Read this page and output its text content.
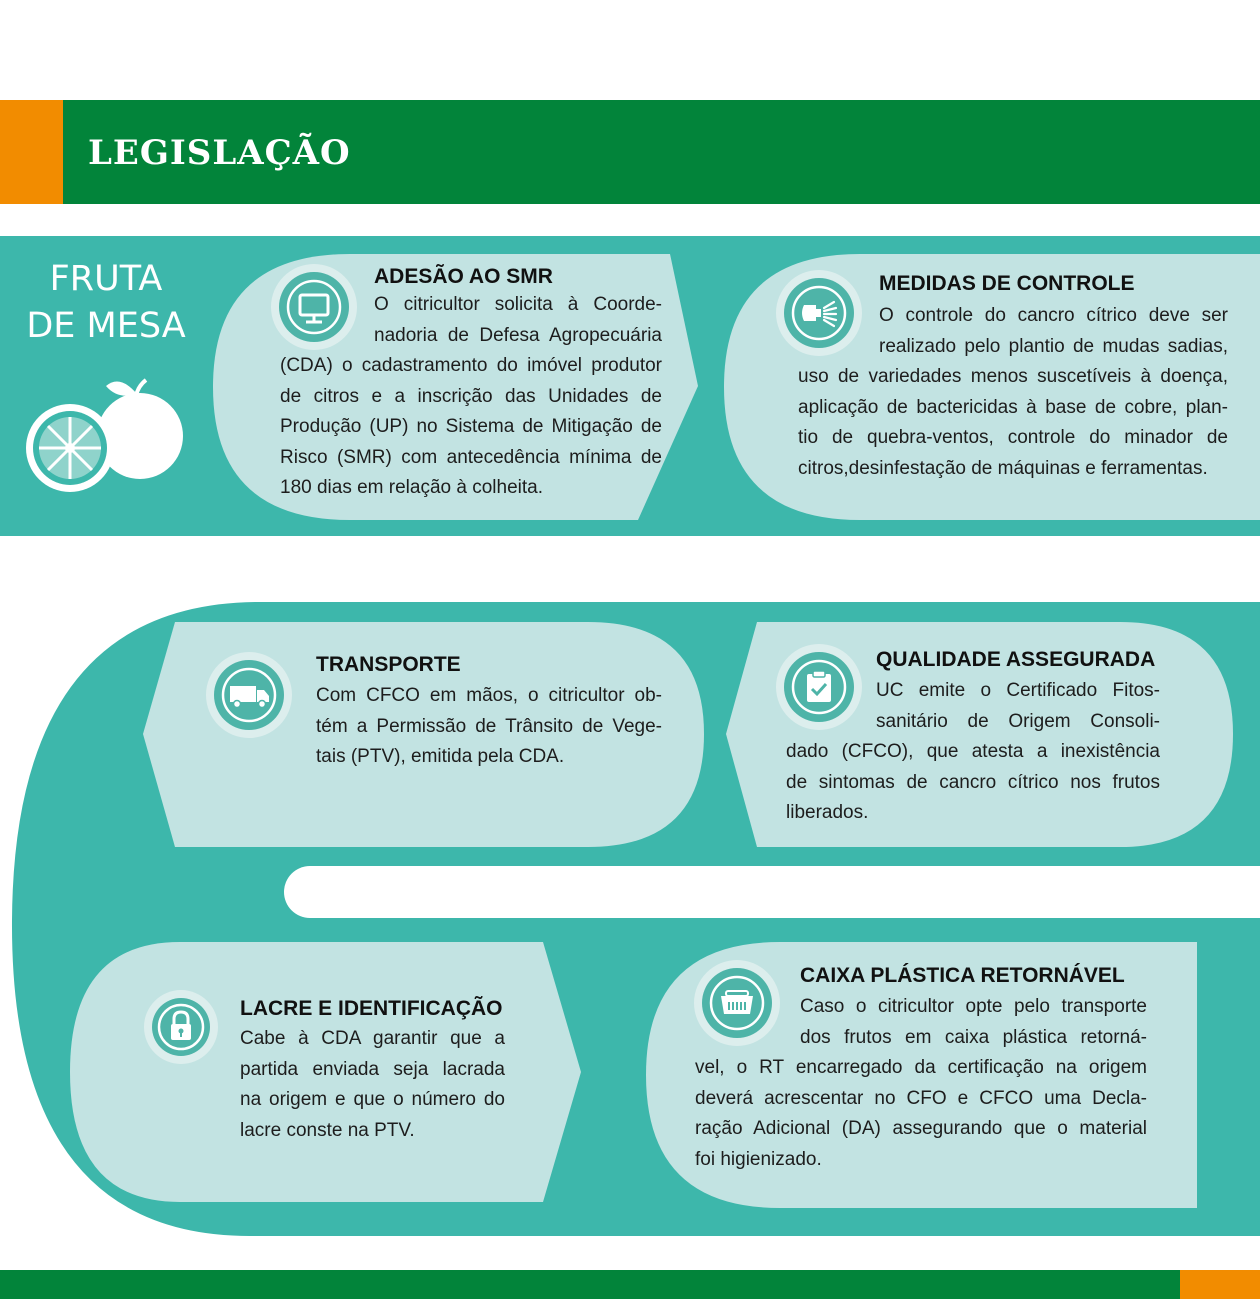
LEGISLAÇÃO
FRUTA
DE MESA
ADESÃO AO SMR
O citricultor solicita à Coorde-
nadoria de Defesa Agropecuária
(CDA) o cadastramento do imóvel produtor
de citros e a inscrição das Unidades de
Produção (UP) no Sistema de Mitigação de
Risco (SMR) com antecedência mínima de
180 dias em relação à colheita.
MEDIDAS DE CONTROLE
O controle do cancro cítrico deve ser
realizado pelo plantio de mudas sadias,
uso de variedades menos suscetíveis à doença,
aplicação de bactericidas à base de cobre, plan-
tio de quebra-ventos, controle do minador de
citros,desinfestação de máquinas e ferramentas.
TRANSPORTE
Com CFCO em mãos, o citricultor ob-
tém a Permissão de Trânsito de Vege-
tais (PTV), emitida pela CDA.
QUALIDADE ASSEGURADA
UC emite o Certificado Fitos-
sanitário de Origem Consoli-
dado (CFCO), que atesta a inexistência
de sintomas de cancro cítrico nos frutos
liberados.
LACRE E IDENTIFICAÇÃO
Cabe à CDA garantir que a
partida enviada seja lacrada
na origem e que o número do
lacre conste na PTV.
CAIXA PLÁSTICA RETORNÁVEL
Caso o citricultor opte pelo transporte
dos frutos em caixa plástica retorná-
vel, o RT encarregado da certificação na origem
deverá acrescentar no CFO e CFCO uma Decla-
ração Adicional (DA) assegurando que o material
foi higienizado.
